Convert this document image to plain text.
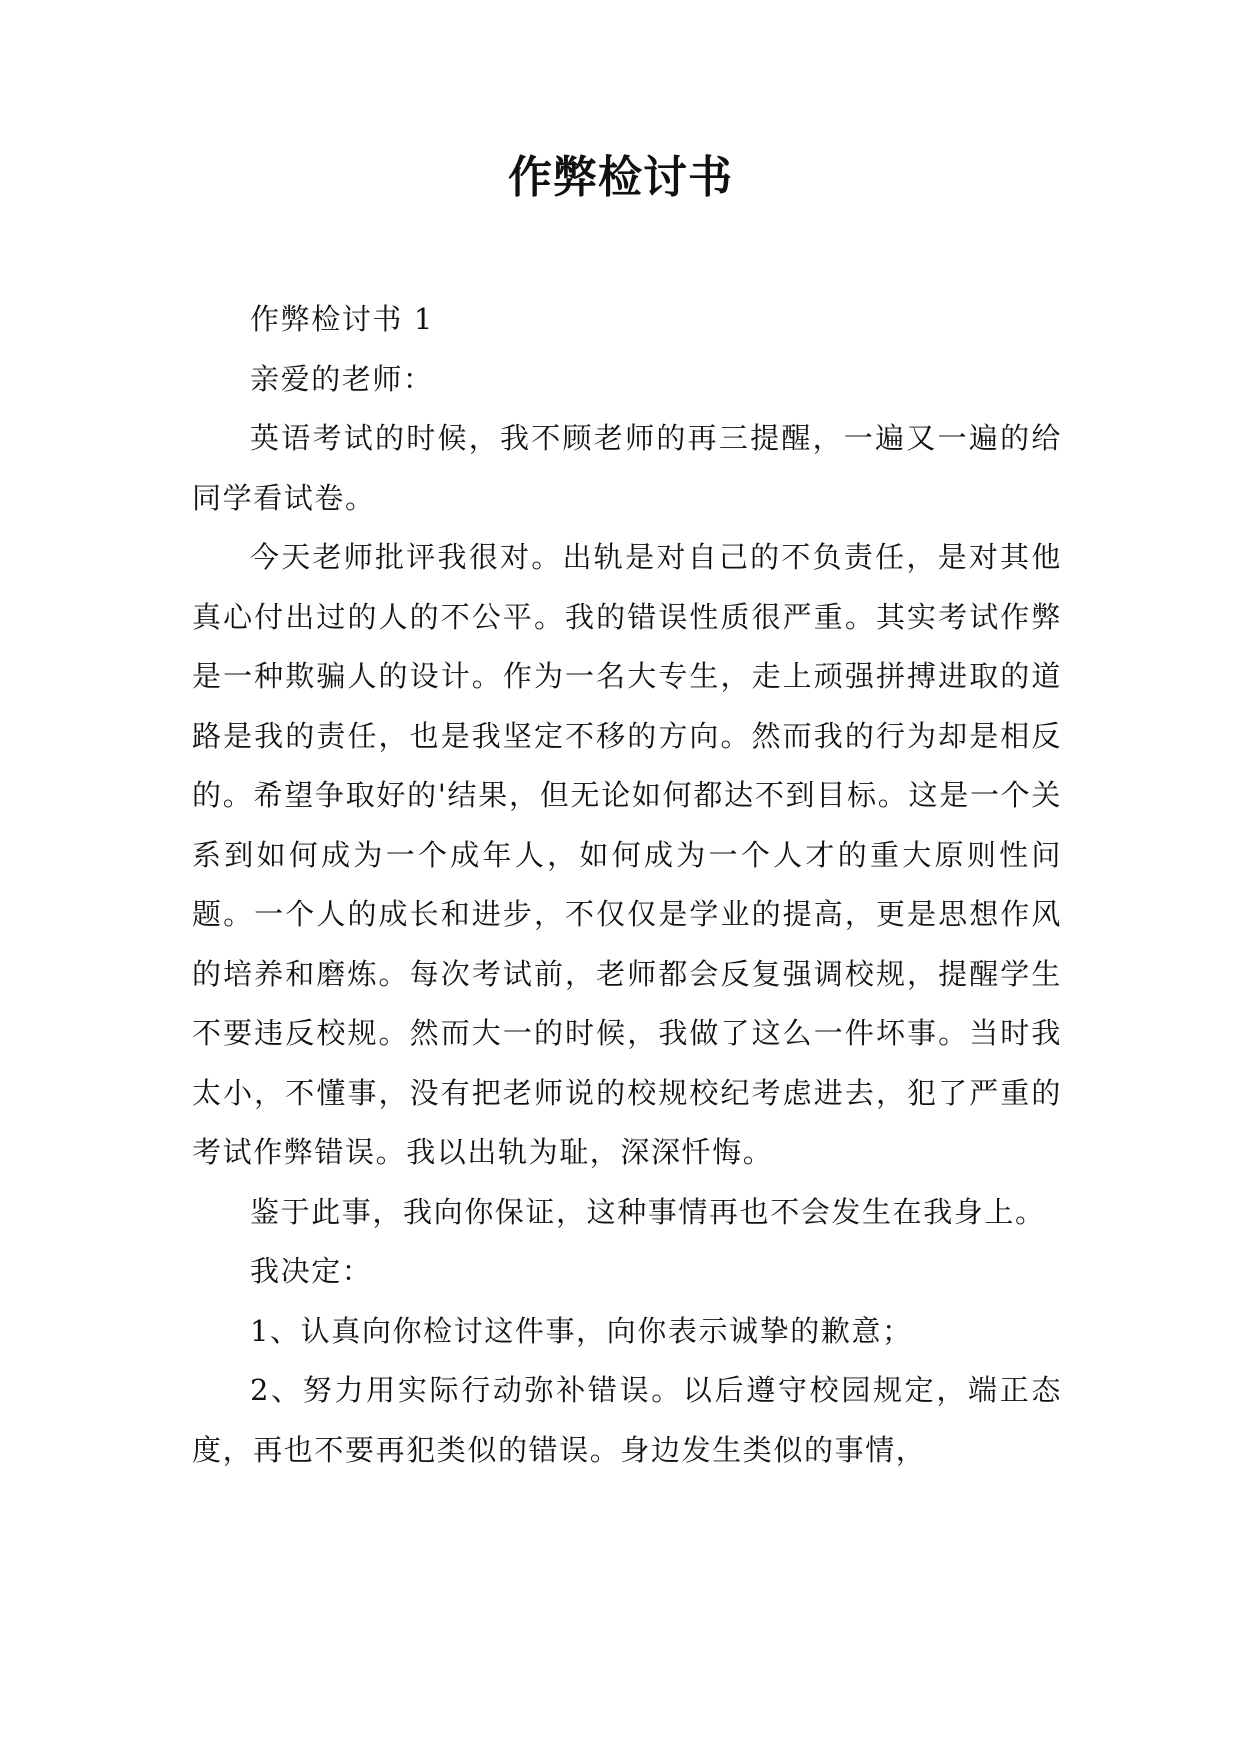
作弊检讨书

作弊检讨书 1

亲爱的老师：

英语考试的时候，我不顾老师的再三提醒，一遍又一遍的给同学看试卷。

今天老师批评我很对。出轨是对自己的不负责任，是对其他真心付出过的人的不公平。我的错误性质很严重。其实考试作弊是一种欺骗人的设计。作为一名大专生，走上顽强拼搏进取的道路是我的责任，也是我坚定不移的方向。然而我的行为却是相反的。希望争取好的'结果，但无论如何都达不到目标。这是一个关系到如何成为一个成年人，如何成为一个人才的重大原则性问题。一个人的成长和进步，不仅仅是学业的提高，更是思想作风的培养和磨炼。每次考试前，老师都会反复强调校规，提醒学生不要违反校规。然而大一的时候，我做了这么一件坏事。当时我太小，不懂事，没有把老师说的校规校纪考虑进去，犯了严重的考试作弊错误。我以出轨为耻，深深忏悔。

鉴于此事，我向你保证，这种事情再也不会发生在我身上。

我决定：

1、认真向你检讨这件事，向你表示诚挚的歉意；

2、努力用实际行动弥补错误。以后遵守校园规定，端正态度，再也不要再犯类似的错误。身边发生类似的事情，
